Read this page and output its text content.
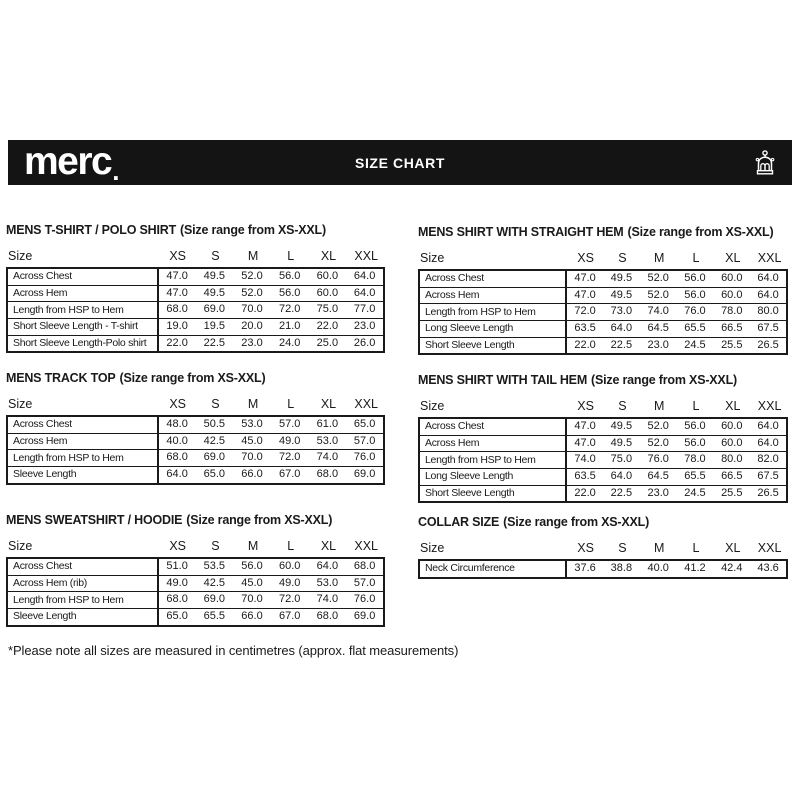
merc .	SIZE CHART
MENS T-SHIRT / POLO SHIRT (Size range from XS-XXL)
Size	XS	S	M	L	XL	XXL
Across Chest	47.0	49.5	52.0	56.0	60.0	64.0
Across Hem	47.0	49.5	52.0	56.0	60.0	64.0
Length from HSP to Hem	68.0	69.0	70.0	72.0	75.0	77.0
Short Sleeve Length - T-shirt	19.0	19.5	20.0	21.0	22.0	23.0
Short Sleeve Length-Polo shirt	22.0	22.5	23.0	24.0	25.0	26.0
MENS SHIRT WITH STRAIGHT HEM (Size range from XS-XXL)
Size	XS	S	M	L	XL	XXL
Across Chest	47.0	49.5	52.0	56.0	60.0	64.0
Across Hem	47.0	49.5	52.0	56.0	60.0	64.0
Length from HSP to Hem	72.0	73.0	74.0	76.0	78.0	80.0
Long Sleeve Length	63.5	64.0	64.5	65.5	66.5	67.5
Short Sleeve Length	22.0	22.5	23.0	24.5	25.5	26.5
MENS TRACK TOP (Size range from XS-XXL)
Size	XS	S	M	L	XL	XXL
Across Chest	48.0	50.5	53.0	57.0	61.0	65.0
Across Hem	40.0	42.5	45.0	49.0	53.0	57.0
Length from HSP to Hem	68.0	69.0	70.0	72.0	74.0	76.0
Sleeve Length	64.0	65.0	66.0	67.0	68.0	69.0
MENS SHIRT WITH TAIL HEM (Size range from XS-XXL)
Size	XS	S	M	L	XL	XXL
Across Chest	47.0	49.5	52.0	56.0	60.0	64.0
Across Hem	47.0	49.5	52.0	56.0	60.0	64.0
Length from HSP to Hem	74.0	75.0	76.0	78.0	80.0	82.0
Long Sleeve Length	63.5	64.0	64.5	65.5	66.5	67.5
Short Sleeve Length	22.0	22.5	23.0	24.5	25.5	26.5
MENS SWEATSHIRT / HOODIE (Size range from XS-XXL)
Size	XS	S	M	L	XL	XXL
Across Chest	51.0	53.5	56.0	60.0	64.0	68.0
Across Hem (rib)	49.0	42.5	45.0	49.0	53.0	57.0
Length from HSP to Hem	68.0	69.0	70.0	72.0	74.0	76.0
Sleeve Length	65.0	65.5	66.0	67.0	68.0	69.0
COLLAR SIZE (Size range from XS-XXL)
Size	XS	S	M	L	XL	XXL
Neck Circumference	37.6	38.8	40.0	41.2	42.4	43.6

*Please note all sizes are measured in centimetres (approx. flat measurements)
